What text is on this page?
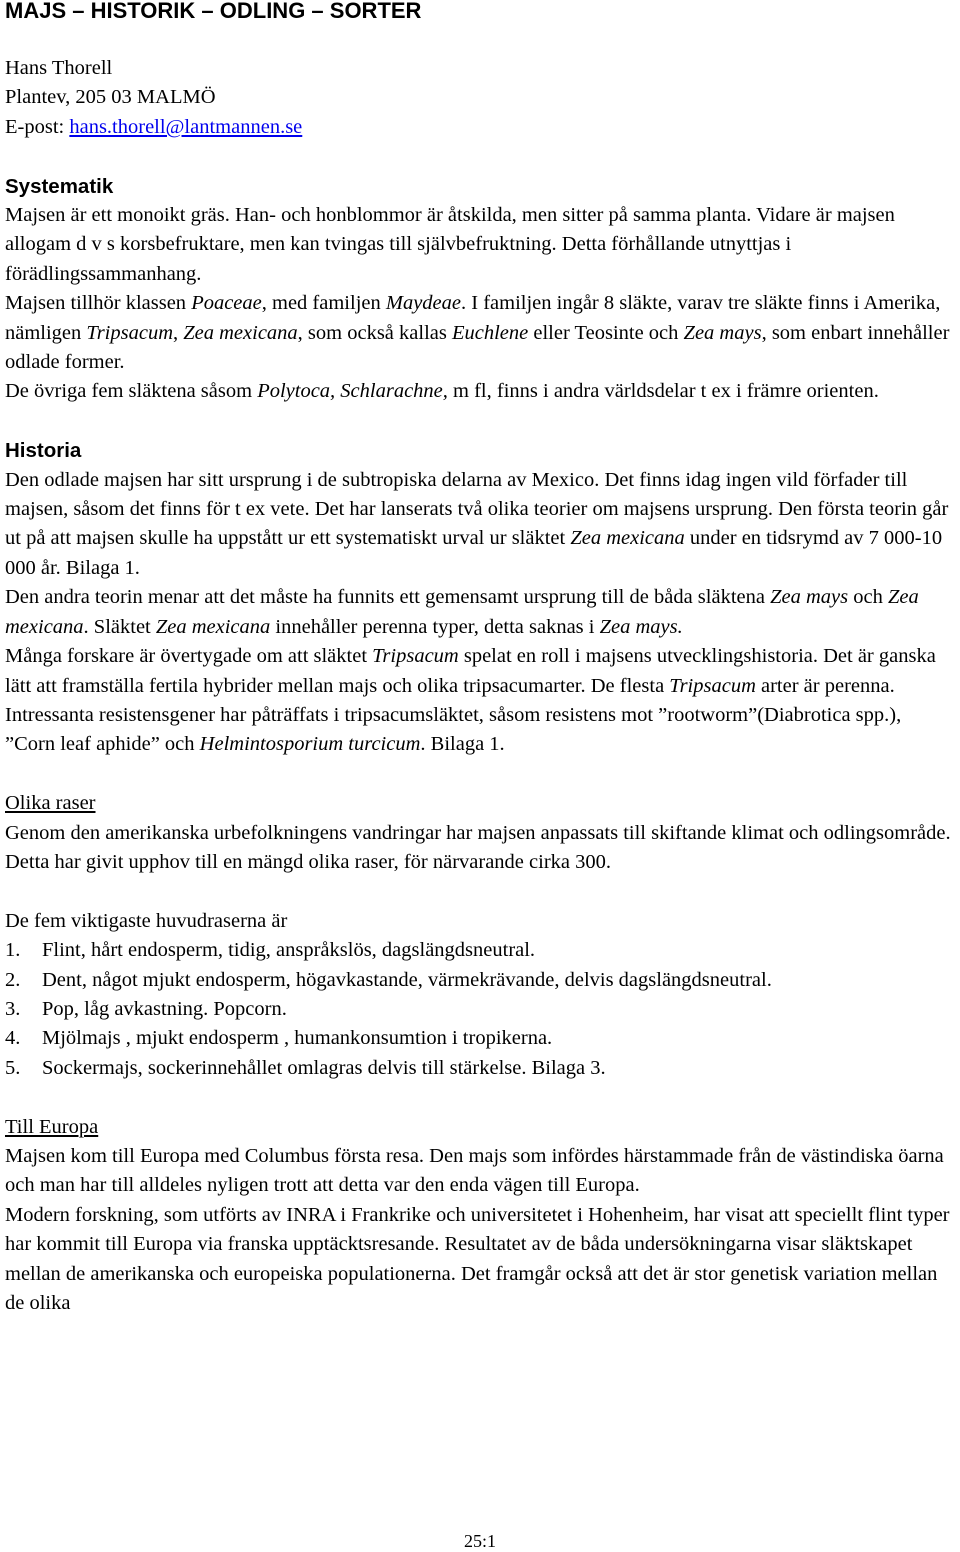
MAJS – HISTORIK – ODLING – SORTER

Hans Thorell

Plantev, 205 03 MALMÖ

E-post: hans.thorell@lantmannen.se

Systematik

Majsen är ett monoikt gräs. Han- och honblommor är åtskilda, men sitter på samma planta. Vidare är majsen allogam d v s korsbefruktare, men kan tvingas till självbefruktning. Detta förhållande utnyttjas i förädlingssammanhang.

Majsen tillhör klassen Poaceae, med familjen Maydeae. I familjen ingår 8 släkte, varav tre släkte finns i Amerika, nämligen Tripsacum, Zea mexicana, som också kallas Euchlene eller Teosinte och Zea mays, som enbart innehåller odlade former.

De övriga fem släktena såsom Polytoca, Schlarachne, m fl, finns i andra världsdelar t ex i främre orienten.

Historia

Den odlade majsen har sitt ursprung i de subtropiska delarna av Mexico. Det finns idag ingen vild förfader till majsen, såsom det finns för t ex vete. Det har lanserats två olika teorier om majsens ursprung. Den första teorin går ut på att majsen skulle ha uppstått ur ett systematiskt urval ur släktet Zea mexicana under en tidsrymd av 7 000-10 000 år. Bilaga 1.

Den andra teorin menar att det måste ha funnits ett gemensamt ursprung till de båda släktena Zea mays och Zea mexicana. Släktet Zea mexicana innehåller perenna typer, detta saknas i Zea mays.

Många forskare är övertygade om att släktet Tripsacum spelat en roll i majsens utvecklingshistoria. Det är ganska lätt att framställa fertila hybrider mellan majs och olika tripsacumarter. De flesta Tripsacum arter är perenna. Intressanta resistensgener har påträffats i tripsacumsläktet, såsom resistens mot ”rootworm”(Diabrotica spp.), ”Corn leaf aphide” och Helmintosporium turcicum. Bilaga 1.

Olika raser

Genom den amerikanska urbefolkningens vandringar har majsen anpassats till skiftande klimat och odlingsområde. Detta har givit upphov till en mängd olika raser, för närvarande cirka 300.

De fem viktigaste huvudraserna är

1.	Flint, hårt endosperm, tidig, anspråkslös, dagslängdsneutral.
2.	Dent, något mjukt endosperm, högavkastande, värmekrävande, delvis dagslängdsneutral.
3.	Pop, låg avkastning. Popcorn.
4.	Mjölmajs , mjukt endosperm , humankonsumtion i tropikerna.
5.	Sockermajs, sockerinnehållet omlagras delvis till stärkelse. Bilaga 3.

Till Europa

Majsen kom till Europa med Columbus första resa. Den majs som infördes härstammade från de västindiska öarna och man har till alldeles nyligen trott att detta var den enda vägen till Europa.

Modern forskning, som utförts av INRA i Frankrike och universitetet i Hohenheim, har visat att speciellt flint typer har kommit till Europa via franska upptäcktsresande. Resultatet av de båda undersökningarna visar släktskapet mellan de amerikanska och europeiska populationerna. Det framgår också att det är stor genetisk variation mellan de olika

25:1
